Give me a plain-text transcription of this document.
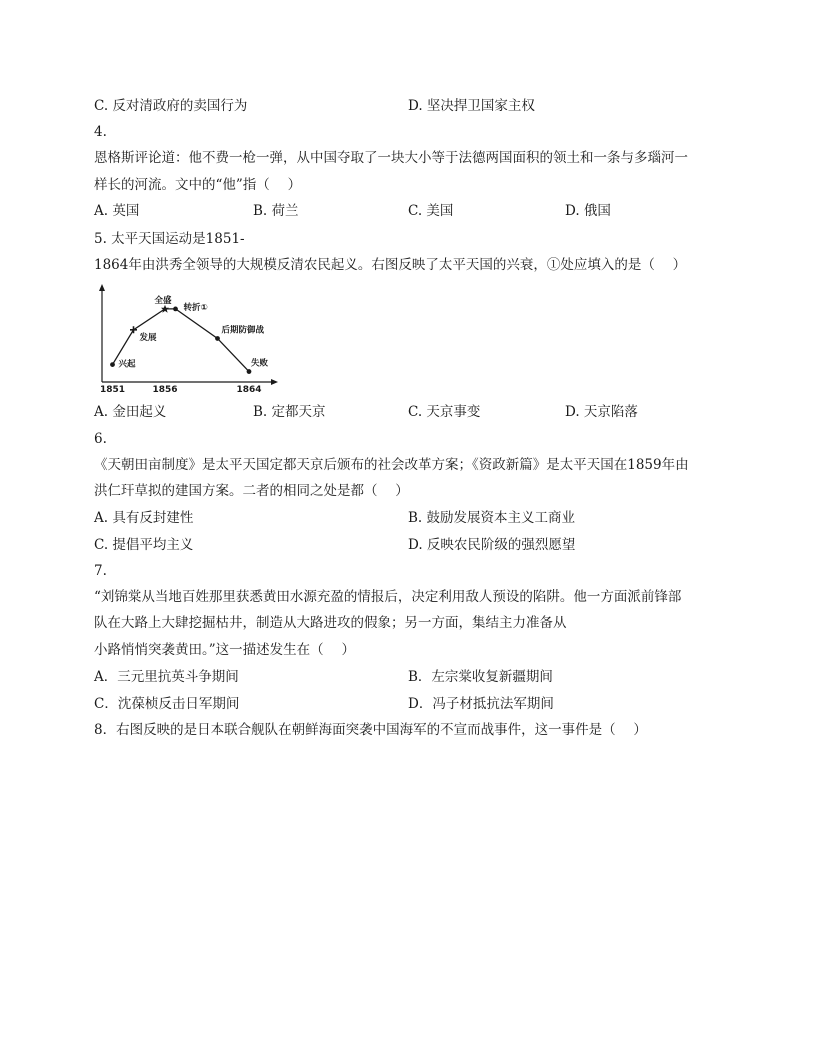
C. 反对清政府的卖国行为	D. 坚决捍卫国家主权
4.
恩格斯评论道：他不费一枪一弹，从中国夺取了一块大小等于法德两国面积的领土和一条与多瑙河一
样长的河流。文中的“他”指（　 ）
A. 英国	B. 荷兰	C. 美国	D. 俄国
5. 太平天国运动是1851-
1864年由洪秀全领导的大规模反清农民起义。右图反映了太平天国的兴衰，①处应填入的是（　 ）
1851	1856	1864
兴起
发展
全盛
转折①
后期防御战
失败
A. 金田起义	B. 定都天京	C. 天京事变	D. 天京陷落
6.
《天朝田亩制度》是太平天国定都天京后颁布的社会改革方案；《资政新篇》是太平天国在1859年由
洪仁玕草拟的建国方案。二者的相同之处是都（　 ）
A. 具有反封建性	B. 鼓励发展资本主义工商业
C. 提倡平均主义	D. 反映农民阶级的强烈愿望
7.
“刘锦棠从当地百姓那里获悉黄田水源充盈的情报后，决定利用敌人预设的陷阱。他一方面派前锋部
队在大路上大肆挖掘枯井，制造从大路进攻的假象；另一方面，集结主力准备从
小路悄悄突袭黄田。”这一描述发生在（　 ）
A．三元里抗英斗争期间	B．左宗棠收复新疆期间
C．沈葆桢反击日军期间	D．冯子材抵抗法军期间
8．右图反映的是日本联合舰队在朝鲜海面突袭中国海军的不宣而战事件，这一事件是（　 ）
